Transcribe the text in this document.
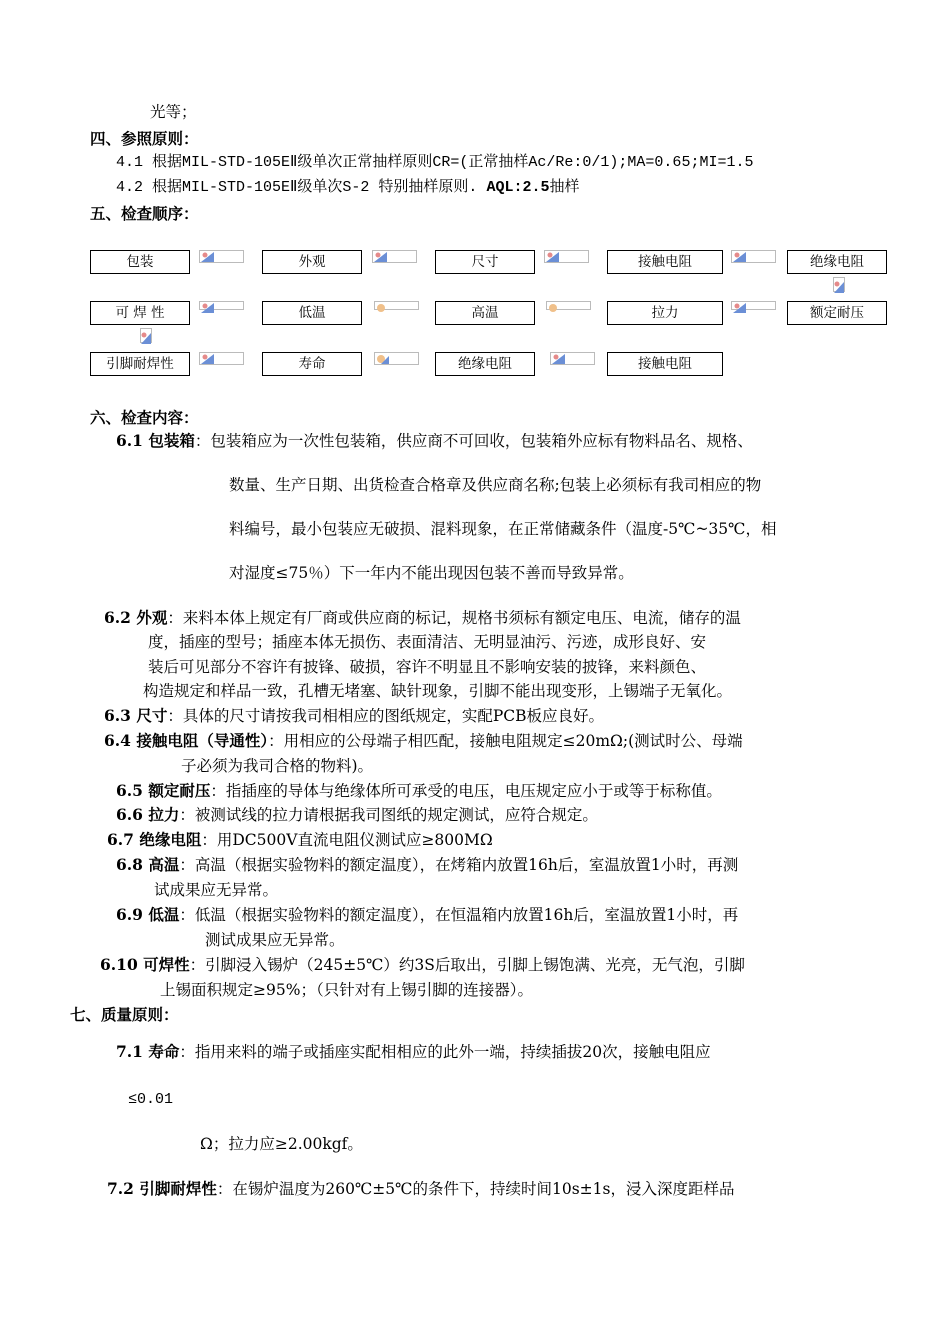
光等；
四、参照原则：
4.1 根据MIL-STD-105EⅡ级单次正常抽样原则CR=(正常抽样Ac/Re:0/1);MA=0.65;MI=1.5
4.2 根据MIL-STD-105EⅡ级单次S-2 特别抽样原则. AQL:2.5抽样
五、检查顺序：
包装	外观	尺寸	接触电阻	绝缘电阻
可 焊 性	低温	高温	拉力	额定耐压
引脚耐焊性	寿命	绝缘电阻	接触电阻
六、检查内容：
6.1 包装箱：包装箱应为一次性包装箱，供应商不可回收，包装箱外应标有物料品名、规格、
数量、生产日期、出货检查合格章及供应商名称;包装上必须标有我司相应的物
料编号，最小包装应无破损、混料现象，在正常储藏条件（温度-5℃~35℃，相
对湿度≤75％）下一年内不能出现因包装不善而导致异常。
6.2 外观：来料本体上规定有厂商或供应商的标记，规格书须标有额定电压、电流，储存的温
度，插座的型号；插座本体无损伤、表面清洁、无明显油污、污迹，成形良好、安
装后可见部分不容许有披锋、破损，容许不明显且不影响安装的披锋，来料颜色、
构造规定和样品一致，孔槽无堵塞、缺针现象，引脚不能出现变形，上锡端子无氧化。
6.3 尺寸：具体的尺寸请按我司相相应的图纸规定，实配PCB板应良好。
6.4 接触电阻（导通性）：用相应的公母端子相匹配，接触电阻规定≤20mΩ;(测试时公、母端
子必须为我司合格的物料)。
6.5 额定耐压：指插座的导体与绝缘体所可承受的电压，电压规定应小于或等于标称值。
6.6 拉力：被测试线的拉力请根据我司图纸的规定测试，应符合规定。
6.7 绝缘电阻：用DC500V直流电阻仪测试应≥800MΩ
6.8 高温：高温（根据实验物料的额定温度），在烤箱内放置16h后，室温放置1小时，再测
试成果应无异常。
6.9 低温：低温（根据实验物料的额定温度），在恒温箱内放置16h后，室温放置1小时，再
测试成果应无异常。
6.10 可焊性：引脚浸入锡炉（245±5℃）约3S后取出，引脚上锡饱满、光亮，无气泡，引脚
上锡面积规定≥95%；（只针对有上锡引脚的连接器）。
七、质量原则：
7.1 寿命：指用来料的端子或插座实配相相应的此外一端，持续插拔20次，接触电阻应
≤0.01
Ω；拉力应≥2.00kgf。
7.2 引脚耐焊性：在锡炉温度为260℃±5℃的条件下，持续时间10s±1s，浸入深度距样品
